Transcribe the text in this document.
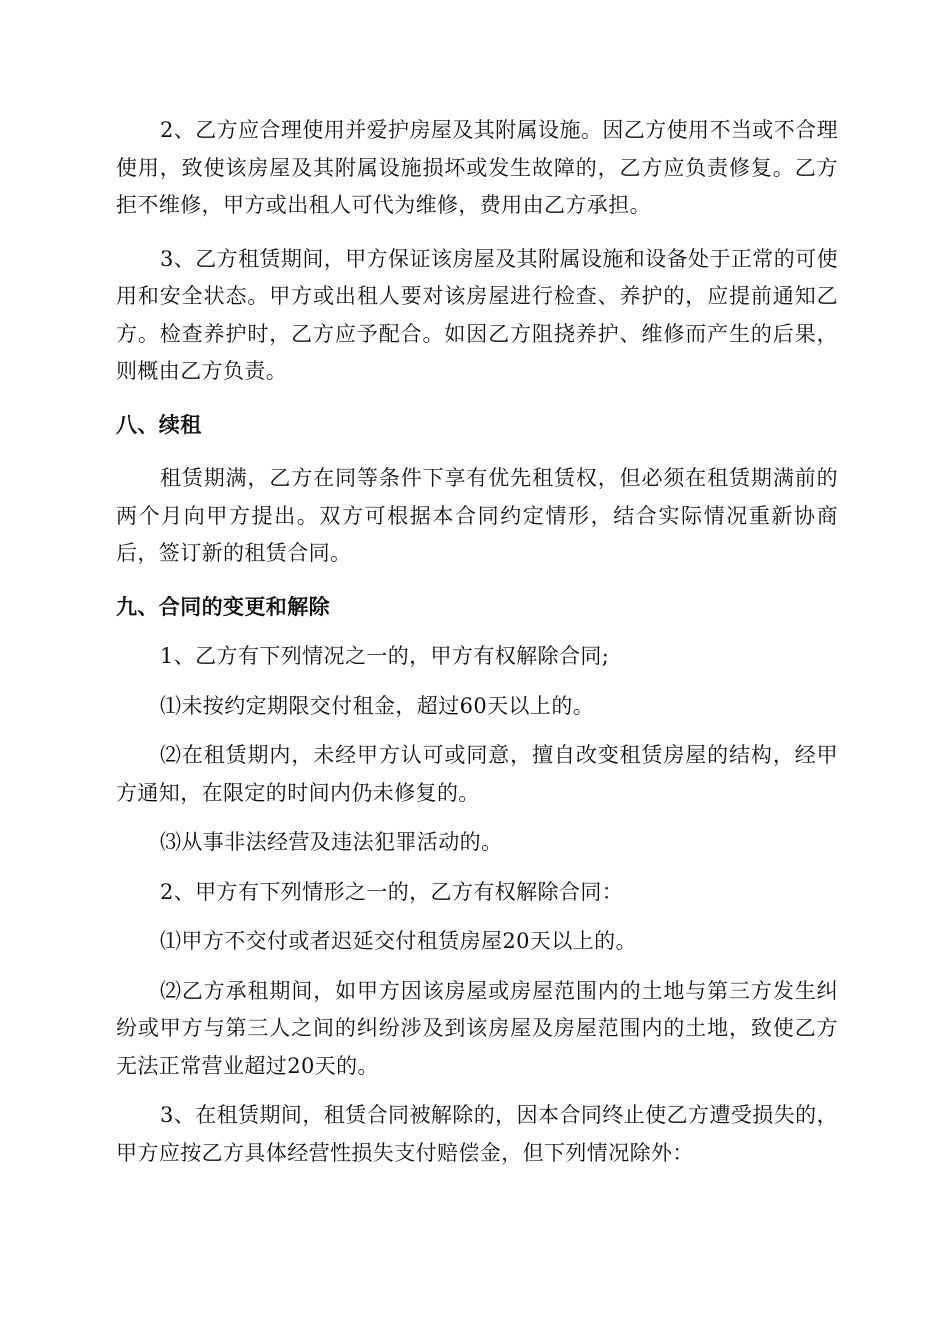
2、乙方应合理使用并爱护房屋及其附属设施。因乙方使用不当或不合理使用，致使该房屋及其附属设施损坏或发生故障的，乙方应负责修复。乙方拒不维修，甲方或出租人可代为维修，费用由乙方承担。

3、乙方租赁期间，甲方保证该房屋及其附属设施和设备处于正常的可使用和安全状态。甲方或出租人要对该房屋进行检查、养护的，应提前通知乙方。检查养护时，乙方应予配合。如因乙方阻挠养护、维修而产生的后果，则概由乙方负责。

八、续租

租赁期满，乙方在同等条件下享有优先租赁权，但必须在租赁期满前的两个月向甲方提出。双方可根据本合同约定情形，结合实际情况重新协商后，签订新的租赁合同。

九、合同的变更和解除

1、乙方有下列情况之一的，甲方有权解除合同;

⑴未按约定期限交付租金，超过60天以上的。

⑵在租赁期内，未经甲方认可或同意，擅自改变租赁房屋的结构，经甲方通知，在限定的时间内仍未修复的。

⑶从事非法经营及违法犯罪活动的。

2、甲方有下列情形之一的，乙方有权解除合同：

⑴甲方不交付或者迟延交付租赁房屋20天以上的。

⑵乙方承租期间，如甲方因该房屋或房屋范围内的土地与第三方发生纠纷或甲方与第三人之间的纠纷涉及到该房屋及房屋范围内的土地，致使乙方无法正常营业超过20天的。

3、在租赁期间，租赁合同被解除的，因本合同终止使乙方遭受损失的，甲方应按乙方具体经营性损失支付赔偿金，但下列情况除外：
